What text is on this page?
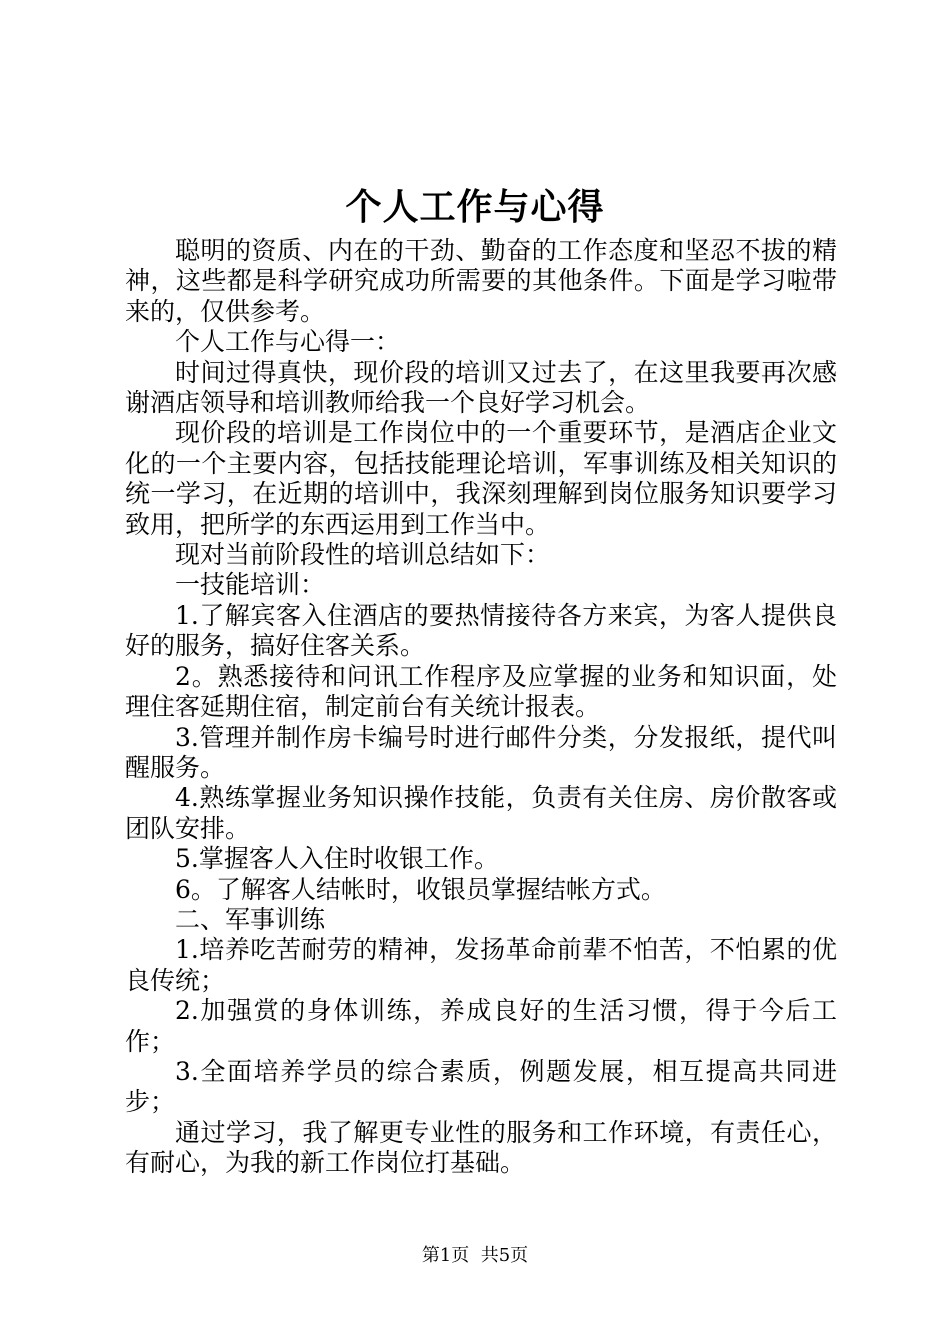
个人工作与心得

聪明的资质、内在的干劲、勤奋的工作态度和坚忍不拔的精神，这些都是科学研究成功所需要的其他条件。下面是学习啦带来的，仅供参考。

个人工作与心得一：

时间过得真快，现价段的培训又过去了，在这里我要再次感谢酒店领导和培训教师给我一个良好学习机会。

现价段的培训是工作岗位中的一个重要环节，是酒店企业文化的一个主要内容，包括技能理论培训，军事训练及相关知识的统一学习，在近期的培训中，我深刻理解到岗位服务知识要学习致用，把所学的东西运用到工作当中。

现对当前阶段性的培训总结如下：

一技能培训：

1.了解宾客入住酒店的要热情接待各方来宾，为客人提供良好的服务，搞好住客关系。

2。熟悉接待和问讯工作程序及应掌握的业务和知识面，处理住客延期住宿，制定前台有关统计报表。

3.管理并制作房卡编号时进行邮件分类，分发报纸，提代叫醒服务。

4.熟练掌握业务知识操作技能，负责有关住房、房价散客或团队安排。

5.掌握客人入住时收银工作。

6。了解客人结帐时，收银员掌握结帐方式。

二、军事训练

1.培养吃苦耐劳的精神，发扬革命前辈不怕苦，不怕累的优良传统；

2.加强赏的身体训练，养成良好的生活习惯，得于今后工作；

3.全面培养学员的综合素质，例题发展，相互提高共同进步；

通过学习，我了解更专业性的服务和工作环境，有责任心，有耐心，为我的新工作岗位打基础。

第1页 共5页
